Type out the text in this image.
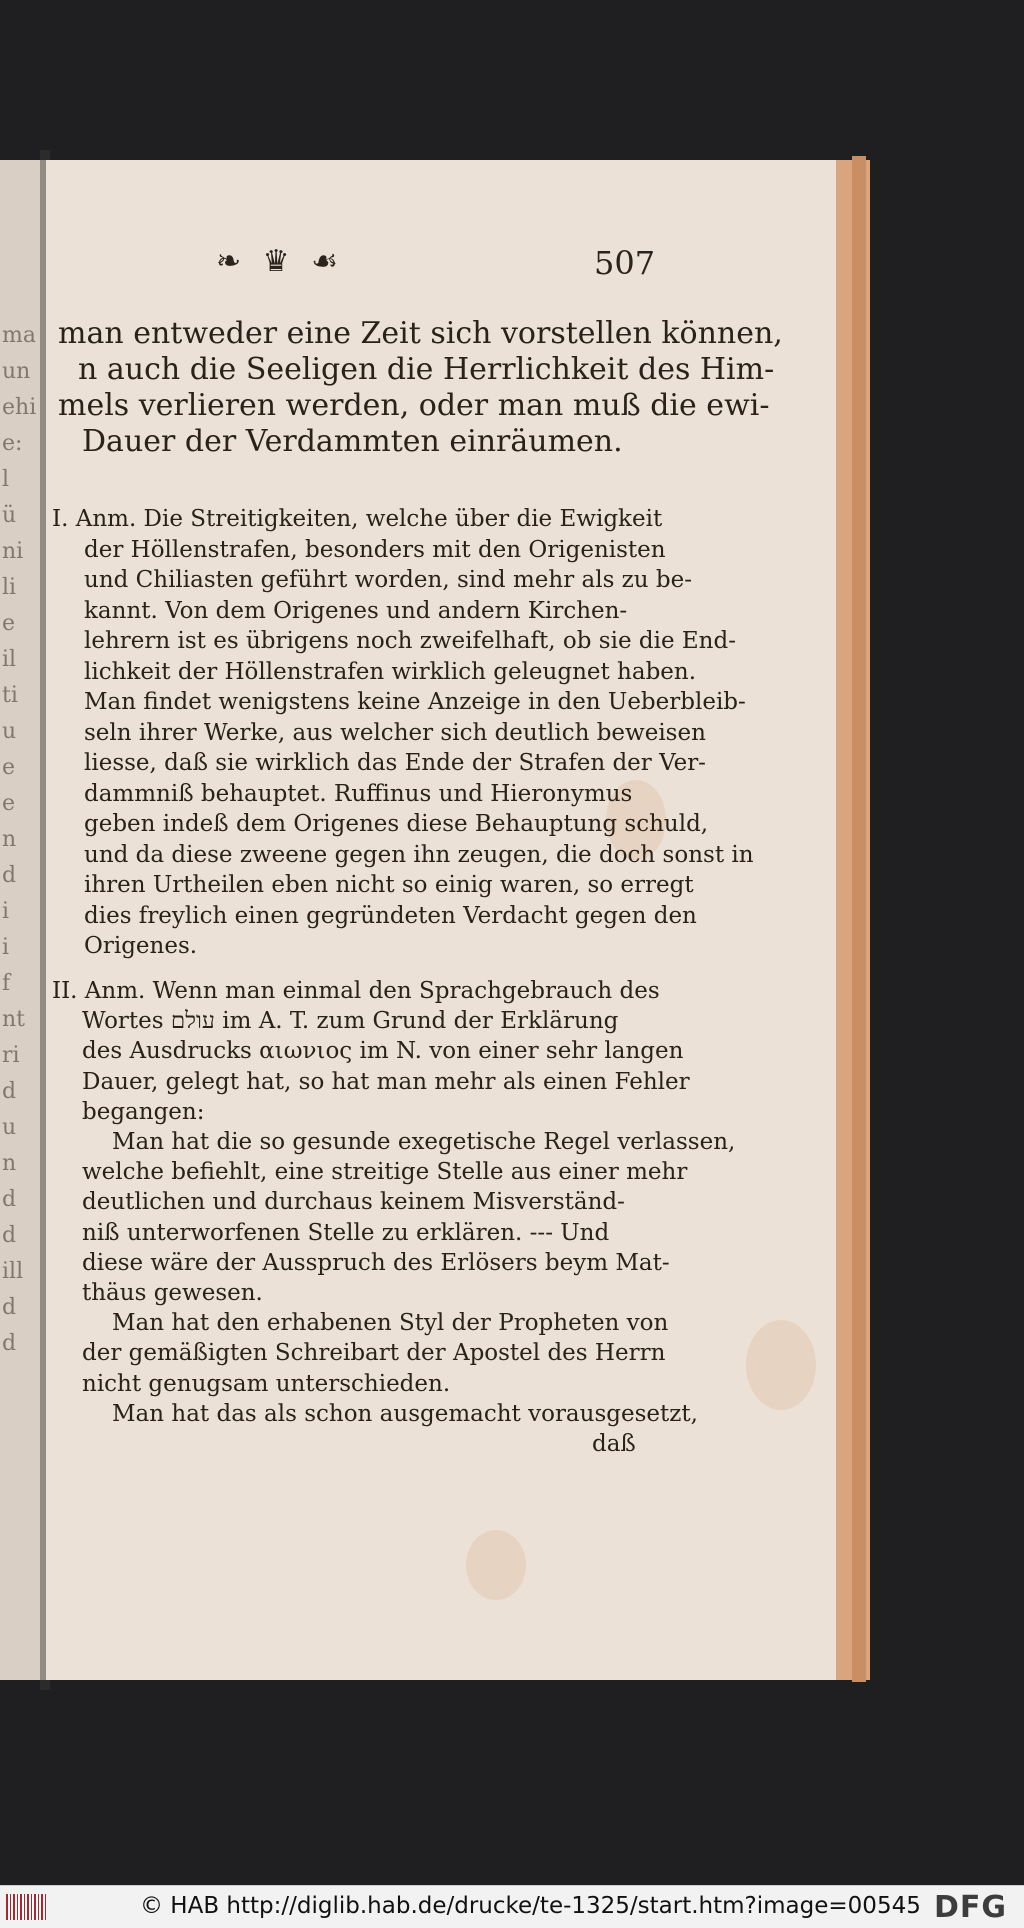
ma
un
ehi
e:
l
ü
ni
li
e
il
ti
u
e
e
n
d
i
i
f
nt
ri
d
u
n
d
d
ill
d
d
❧ ♛ ☙	507
man entweder eine Zeit sich vorstellen können,
n auch die Seeligen die Herrlichkeit des Him-
mels verlieren werden, oder man muß die ewi-
Dauer der Verdammten einräumen.
I. Anm. Die Streitigkeiten, welche über die Ewigkeit
der Höllenstrafen, besonders mit den Origenisten
und Chiliasten geführt worden, sind mehr als zu be-
kannt. Von dem Origenes und andern Kirchen-
lehrern ist es übrigens noch zweifelhaft, ob sie die End-
lichkeit der Höllenstrafen wirklich geleugnet haben.
Man findet wenigstens keine Anzeige in den Ueberbleib-
seln ihrer Werke, aus welcher sich deutlich beweisen
liesse, daß sie wirklich das Ende der Strafen der Ver-
dammniß behauptet. Ruffinus und Hieronymus
geben indeß dem Origenes diese Behauptung schuld,
und da diese zweene gegen ihn zeugen, die doch sonst in
ihren Urtheilen eben nicht so einig waren, so erregt
dies freylich einen gegründeten Verdacht gegen den
Origenes.
II. Anm. Wenn man einmal den Sprachgebrauch des
Wortes עולם im A. T. zum Grund der Erklärung
des Ausdrucks αιωνιος im N. von einer sehr langen
Dauer, gelegt hat, so hat man mehr als einen Fehler
begangen:
Man hat die so gesunde exegetische Regel verlassen,
welche befiehlt, eine streitige Stelle aus einer mehr
deutlichen und durchaus keinem Misverständ-
niß unterworfenen Stelle zu erklären. --- Und
diese wäre der Ausspruch des Erlösers beym Mat-
thäus gewesen.
Man hat den erhabenen Styl der Propheten von
der gemäßigten Schreibart der Apostel des Herrn
nicht genugsam unterschieden.
Man hat das als schon ausgemacht vorausgesetzt,
daß
© HAB http://diglib.hab.de/drucke/te-1325/start.htm?image=00545 DFG
